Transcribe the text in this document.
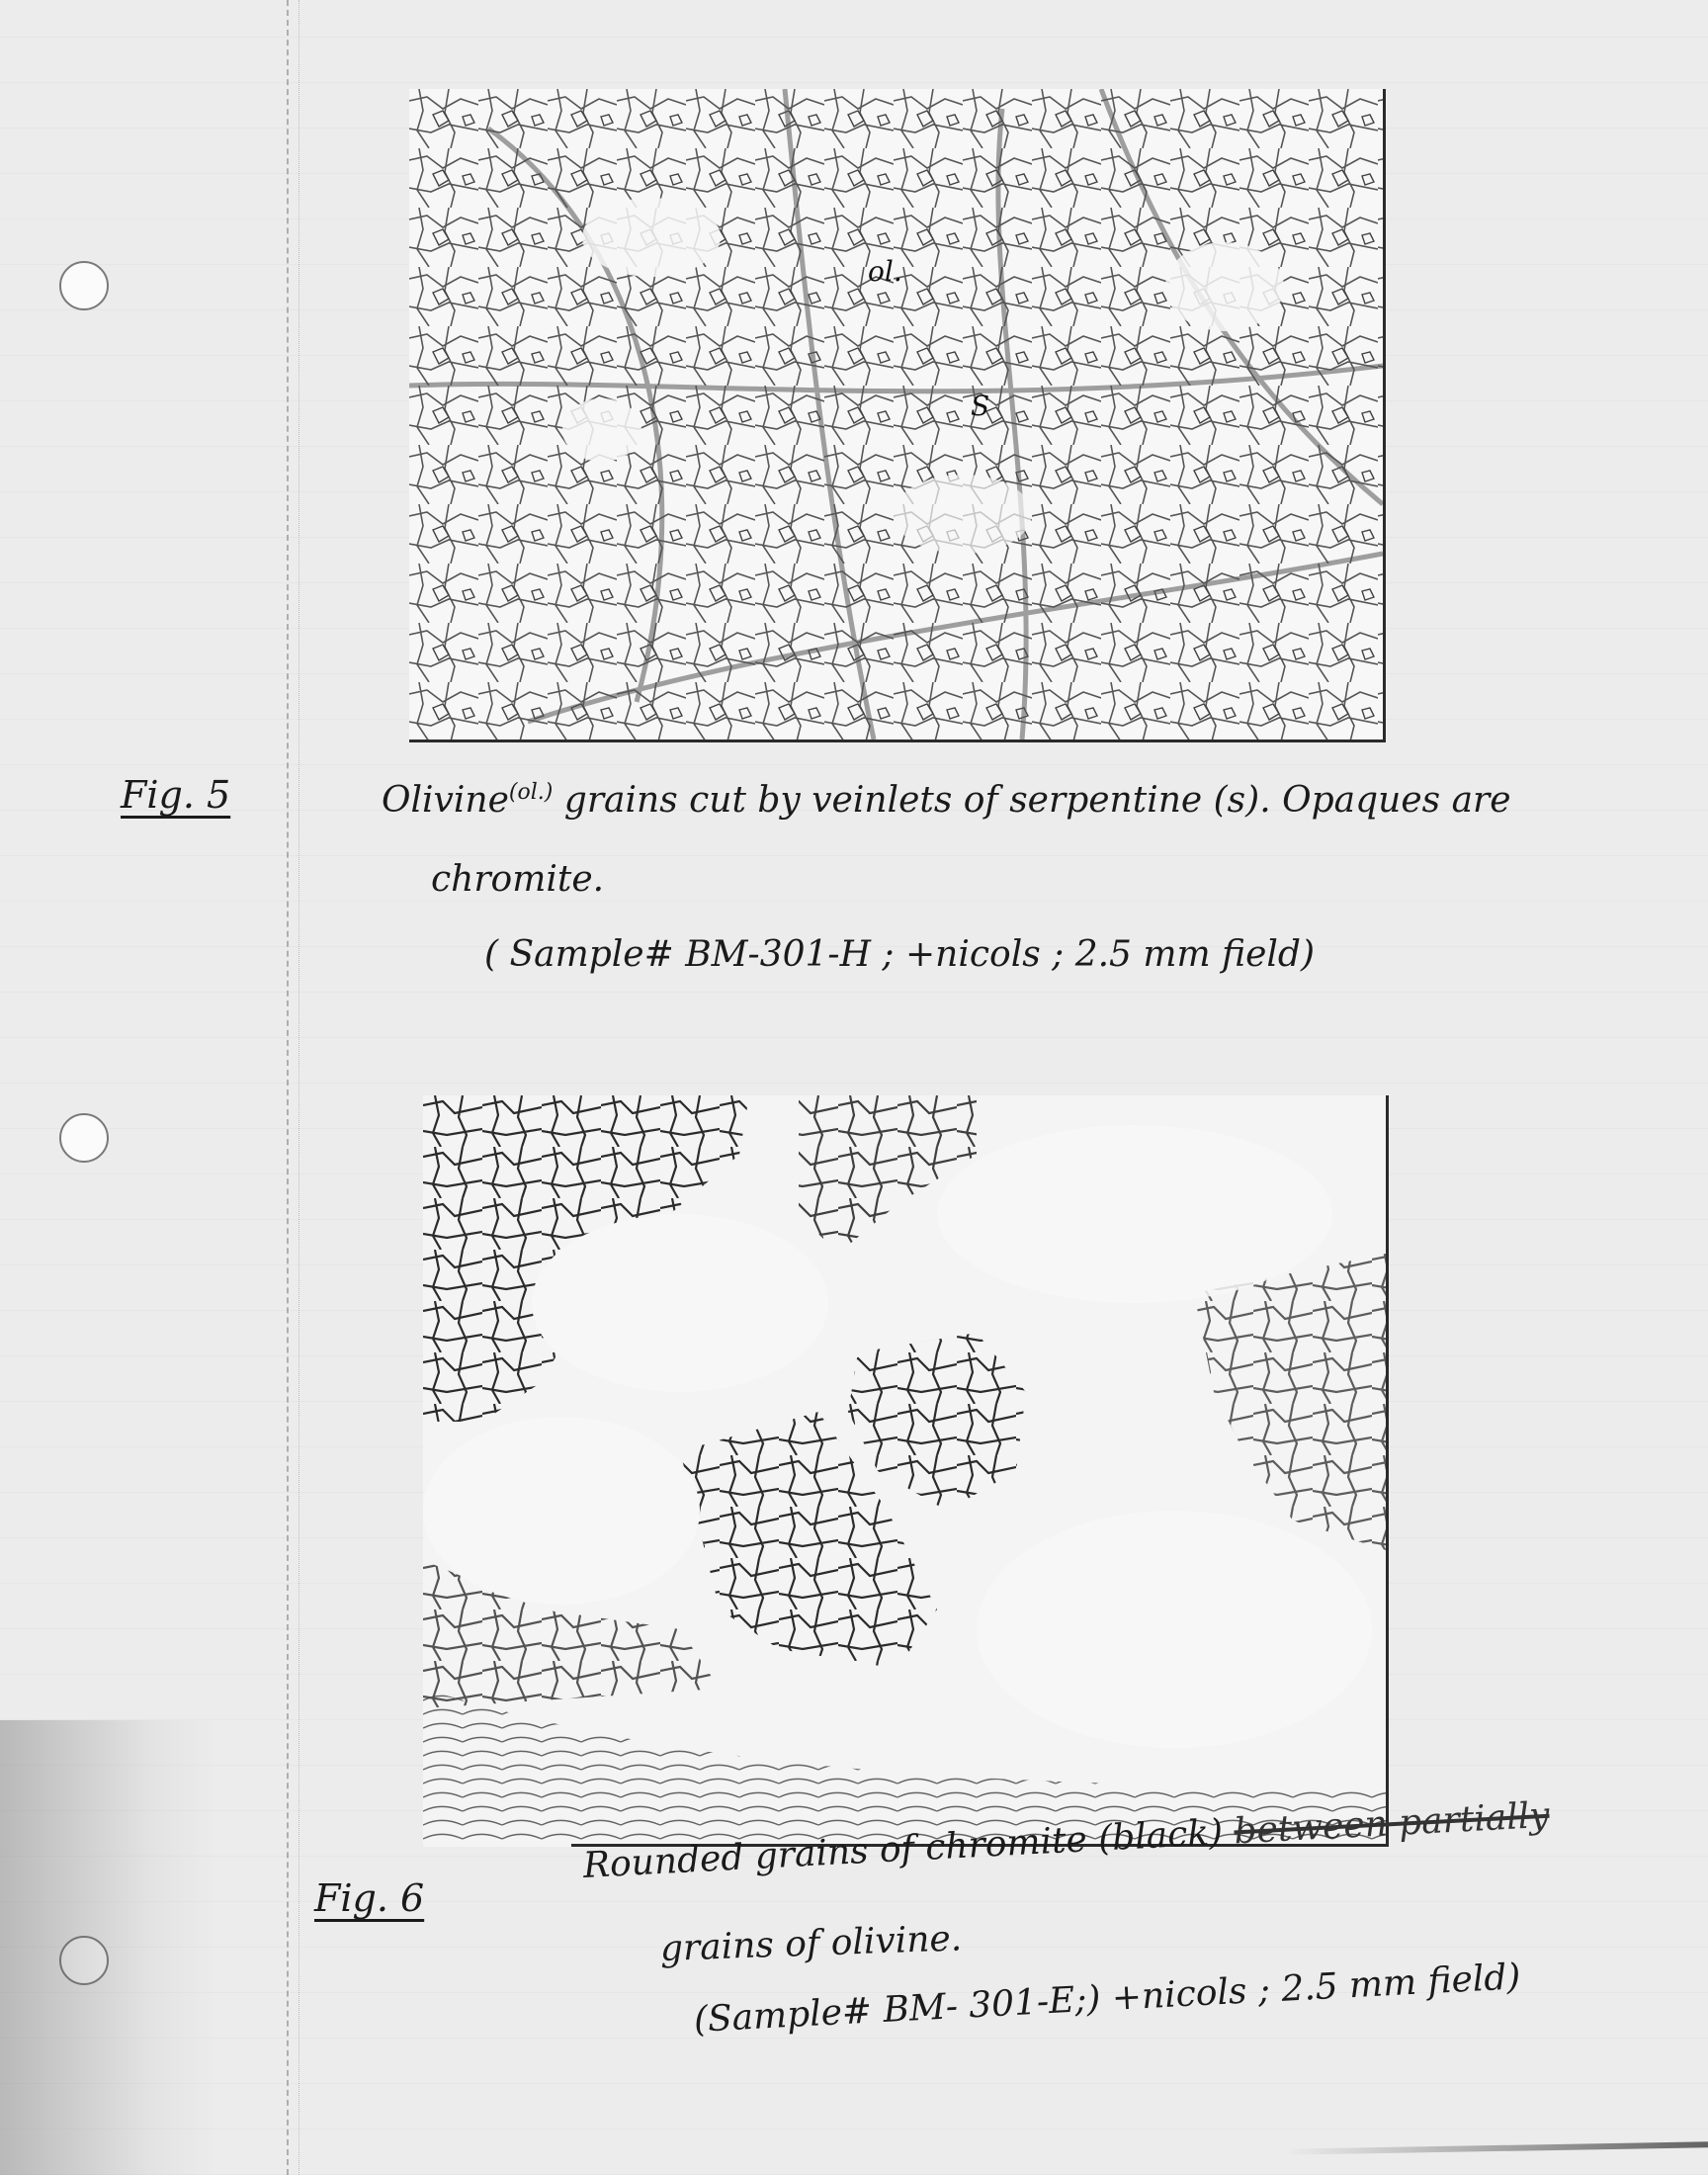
ol.
S
Fig. 5	Olivine$^{(ol.)}$ grains cut by veinlets of serpentine (s). Opaques are
chromite.
( Sample# BM-301-H ; +nicols ; 2.5 mm field)
Fig. 6
Rounded grains of chromite (black) between partially
grains of olivine.
(Sample# BM- 301-E;) +nicols ; 2.5 mm field)
